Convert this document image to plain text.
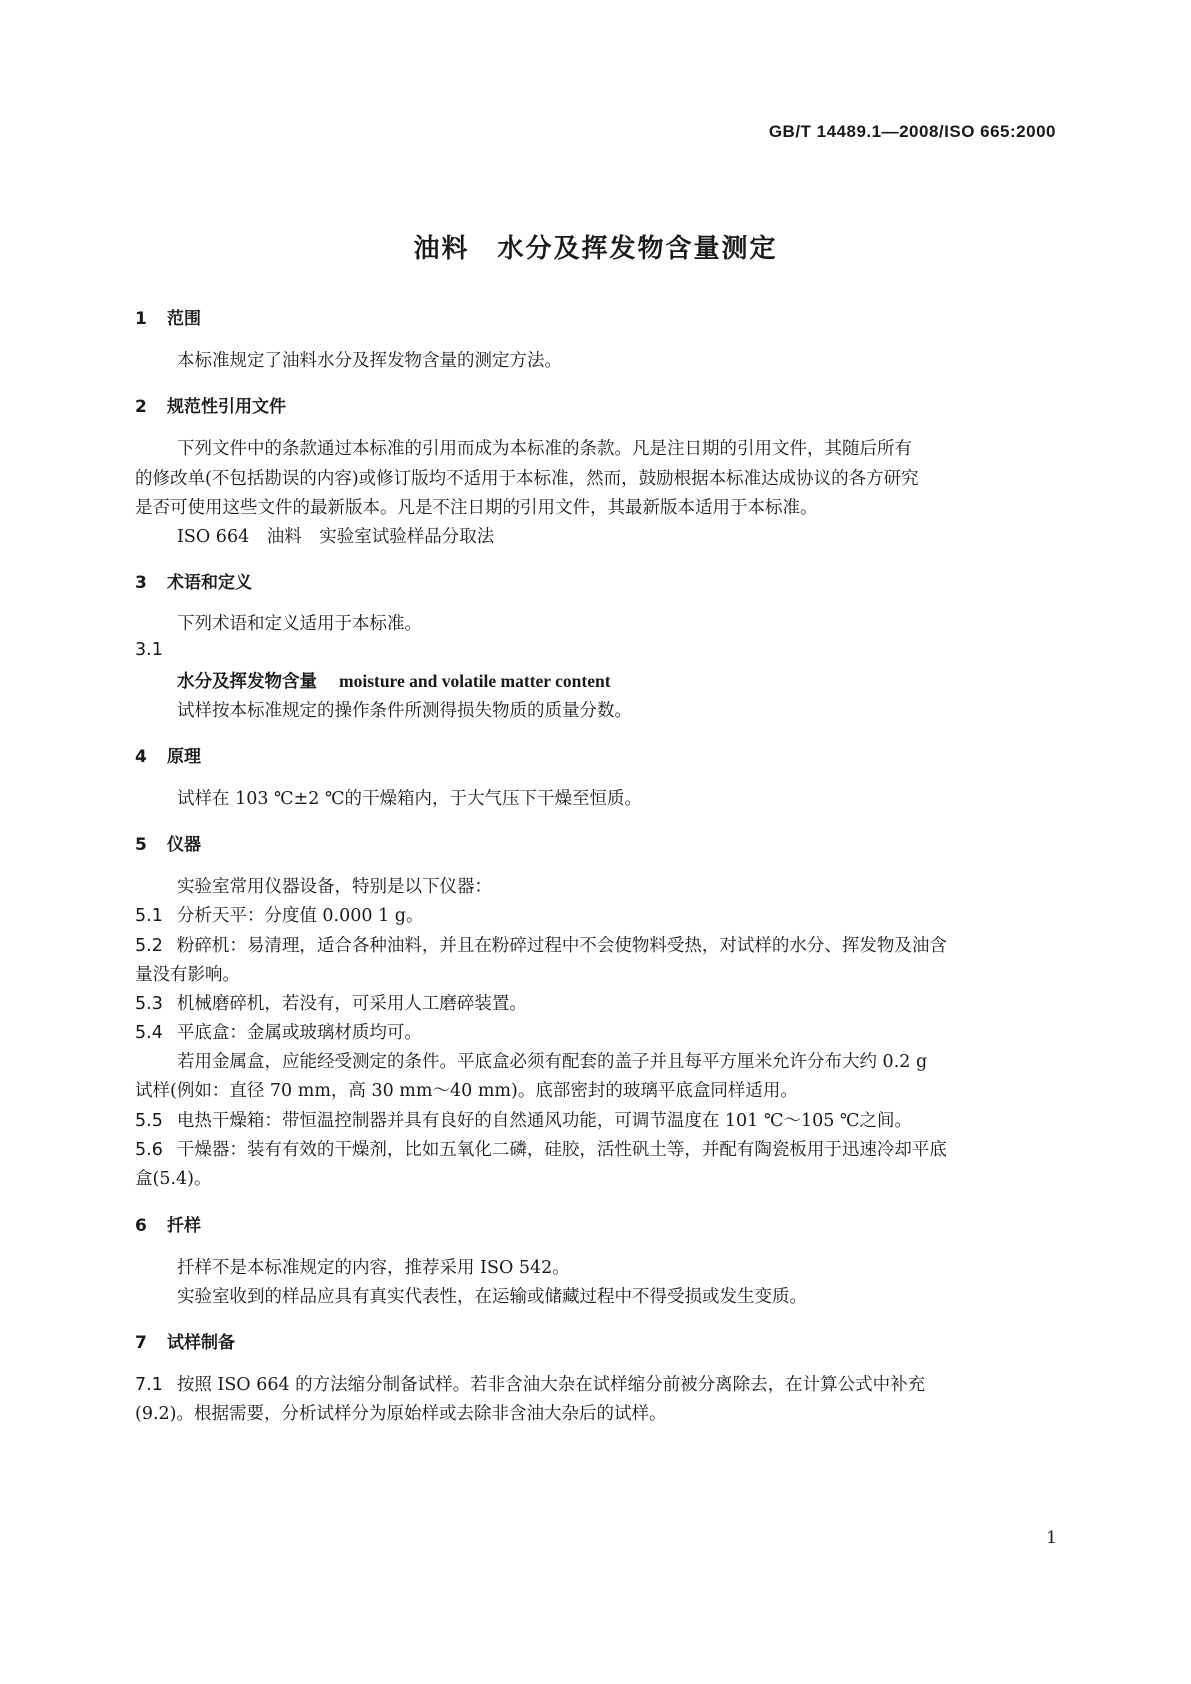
GB/T 14489.1—2008/ISO 665:2000
油料　水分及挥发物含量测定
1 范围
本标准规定了油料水分及挥发物含量的测定方法。
2 规范性引用文件
下列文件中的条款通过本标准的引用而成为本标准的条款。凡是注日期的引用文件，其随后所有
的修改单(不包括勘误的内容)或修订版均不适用于本标准，然而，鼓励根据本标准达成协议的各方研究
是否可使用这些文件的最新版本。凡是不注日期的引用文件，其最新版本适用于本标准。
ISO 664　油料　实验室试验样品分取法
3 术语和定义
下列术语和定义适用于本标准。
3.1
水分及挥发物含量 moisture and volatile matter content
试样按本标准规定的操作条件所测得损失物质的质量分数。
4 原理
试样在 103 ℃±2 ℃的干燥箱内，于大气压下干燥至恒质。
5 仪器
实验室常用仪器设备，特别是以下仪器：
5.1 分析天平：分度值 0.000 1 g。
5.2 粉碎机：易清理，适合各种油料，并且在粉碎过程中不会使物料受热，对试样的水分、挥发物及油含
量没有影响。
5.3 机械磨碎机，若没有，可采用人工磨碎装置。
5.4 平底盒：金属或玻璃材质均可。
若用金属盒，应能经受测定的条件。平底盒必须有配套的盖子并且每平方厘米允许分布大约 0.2 g
试样(例如：直径 70 mm，高 30 mm～40 mm)。底部密封的玻璃平底盒同样适用。
5.5 电热干燥箱：带恒温控制器并具有良好的自然通风功能，可调节温度在 101 ℃～105 ℃之间。
5.6 干燥器：装有有效的干燥剂，比如五氧化二磷，硅胶，活性矾土等，并配有陶瓷板用于迅速冷却平底
盒(5.4)。
6 扦样
扦样不是本标准规定的内容，推荐采用 ISO 542。
实验室收到的样品应具有真实代表性，在运输或储藏过程中不得受损或发生变质。
7 试样制备
7.1 按照 ISO 664 的方法缩分制备试样。若非含油大杂在试样缩分前被分离除去，在计算公式中补充
(9.2)。根据需要，分析试样分为原始样或去除非含油大杂后的试样。
1
